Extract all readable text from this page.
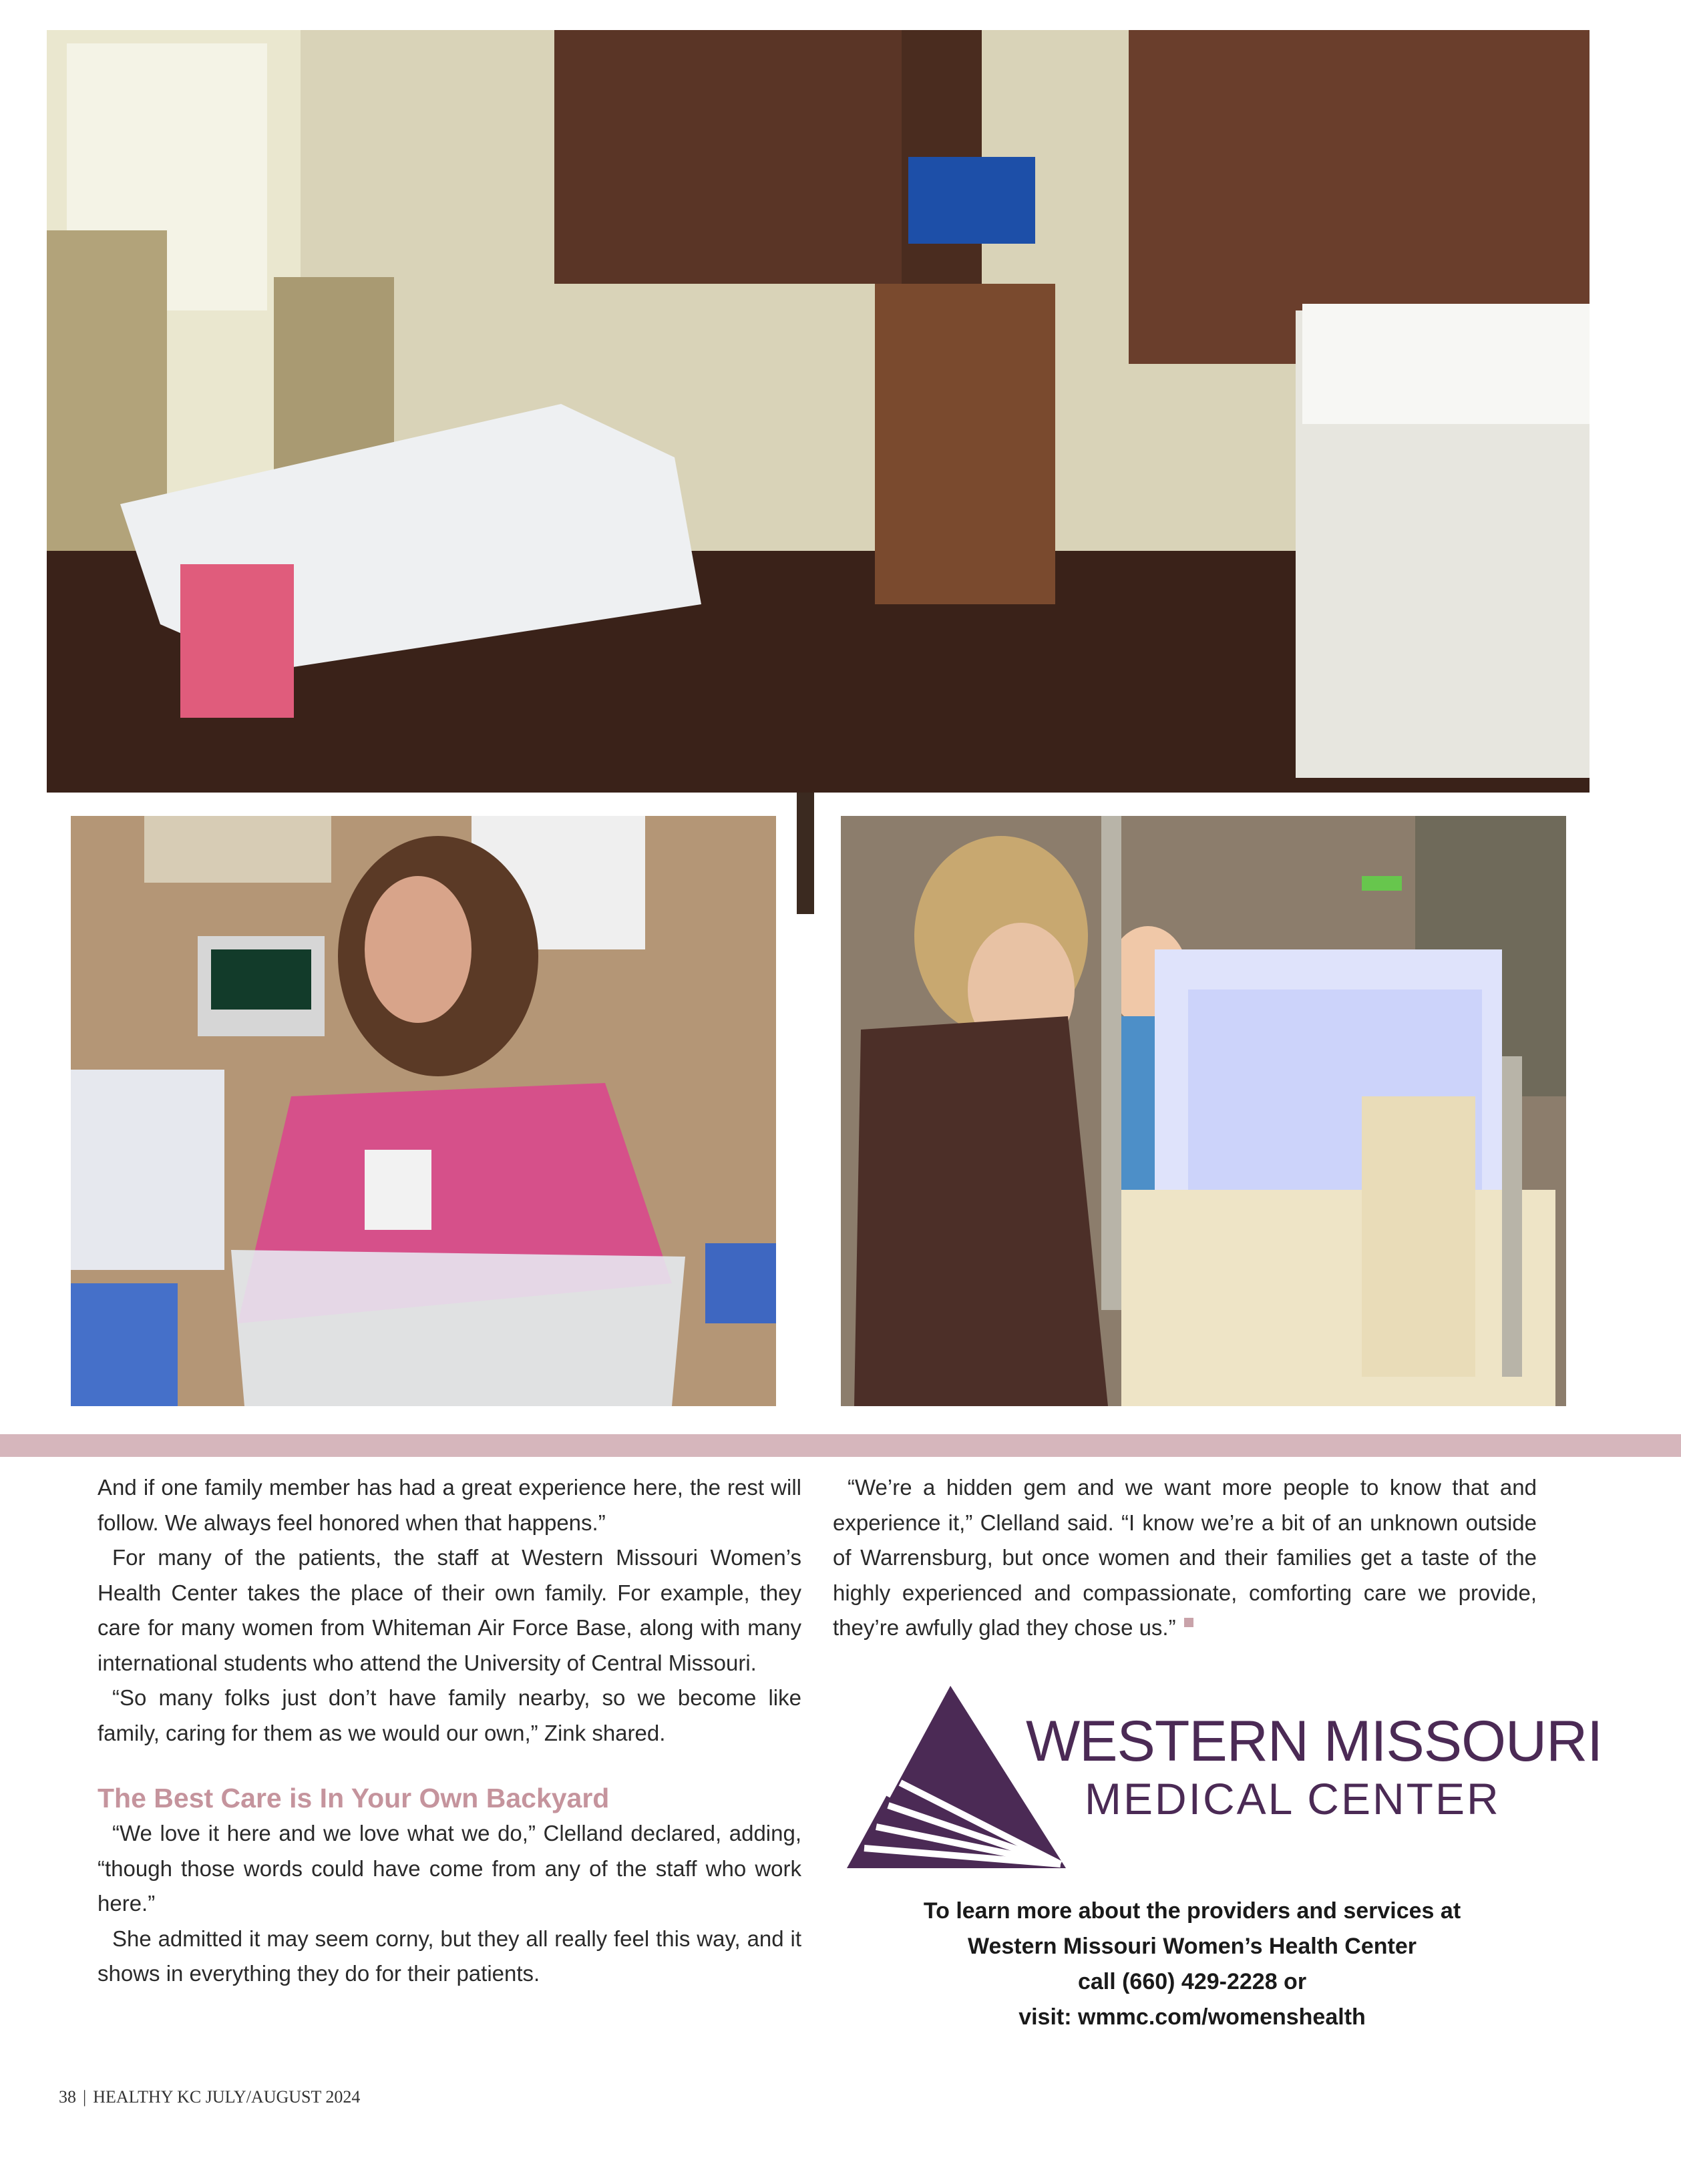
And if one family member has had a great experience here, the rest will follow. We always feel honored when that happens.”

For many of the patients, the staff at Western Missouri Women’s Health Center takes the place of their own family. For example, they care for many women from Whiteman Air Force Base, along with many international students who attend the University of Central Missouri.

“So many folks just don’t have family nearby, so we become like family, caring for them as we would our own,” Zink shared.

The Best Care is In Your Own Backyard

“We love it here and we love what we do,” Clelland declared, adding, “though those words could have come from any of the staff who work here.”

She admitted it may seem corny, but they all really feel this way, and it shows in everything they do for their patients.

“We’re a hidden gem and we want more people to know that and experience it,” Clelland said. “I know we’re a bit of an unknown outside of Warrensburg, but once women and their families get a taste of the highly experienced and compassionate, comforting care we provide, they’re awfully glad they chose us.”

WESTERN MISSOURI
MEDICAL CENTER
To learn more about the providers and services at
Western Missouri Women’s Health Center
call (660) 429-2228 or
visit: wmmc.com/womenshealth
38 | HEALTHY KC JULY/AUGUST 2024
